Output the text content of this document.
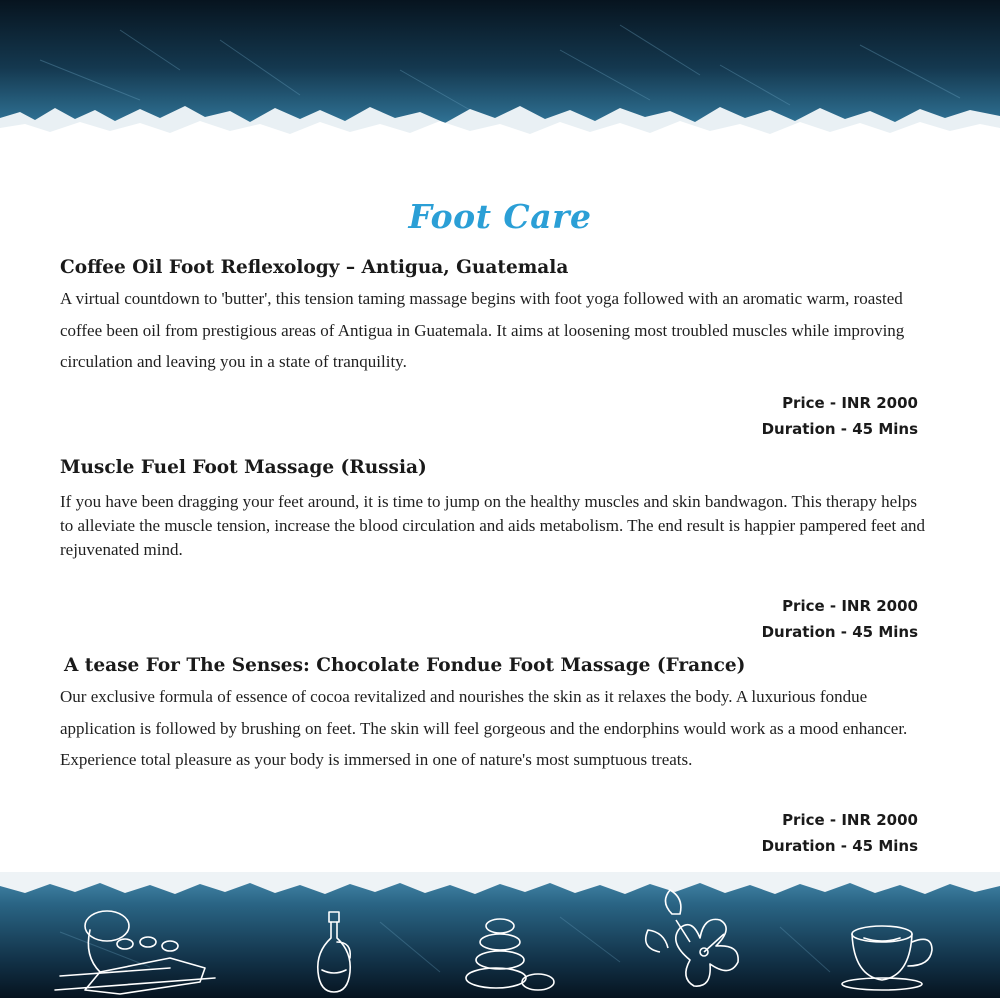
Foot Care
Coffee Oil Foot Reflexology – Antigua, Guatemala

A virtual countdown to 'butter', this tension taming massage begins with foot yoga followed with an aromatic warm, roasted coffee been oil from prestigious areas of Antigua in Guatemala. It aims at loosening most troubled muscles while improving circulation and leaving you in a state of tranquility.

Price - INR 2000
Duration - 45 Mins
Muscle Fuel Foot Massage (Russia)

If you have been dragging your feet around, it is time to jump on the healthy muscles and skin bandwagon. This therapy helps to alleviate the muscle tension, increase the blood circulation and aids metabolism. The end result is happier pampered feet and rejuvenated mind.

Price - INR 2000
Duration - 45 Mins
A tease For The Senses: Chocolate Fondue Foot Massage (France)

Our exclusive formula of essence of cocoa revitalized and nourishes the skin as it relaxes the body. A luxurious fondue application is followed by brushing on feet. The skin will feel gorgeous and the endorphins would work as a mood enhancer. Experience total pleasure as your body is immersed in one of nature's most sumptuous treats.

Price - INR 2000
Duration - 45 Mins
